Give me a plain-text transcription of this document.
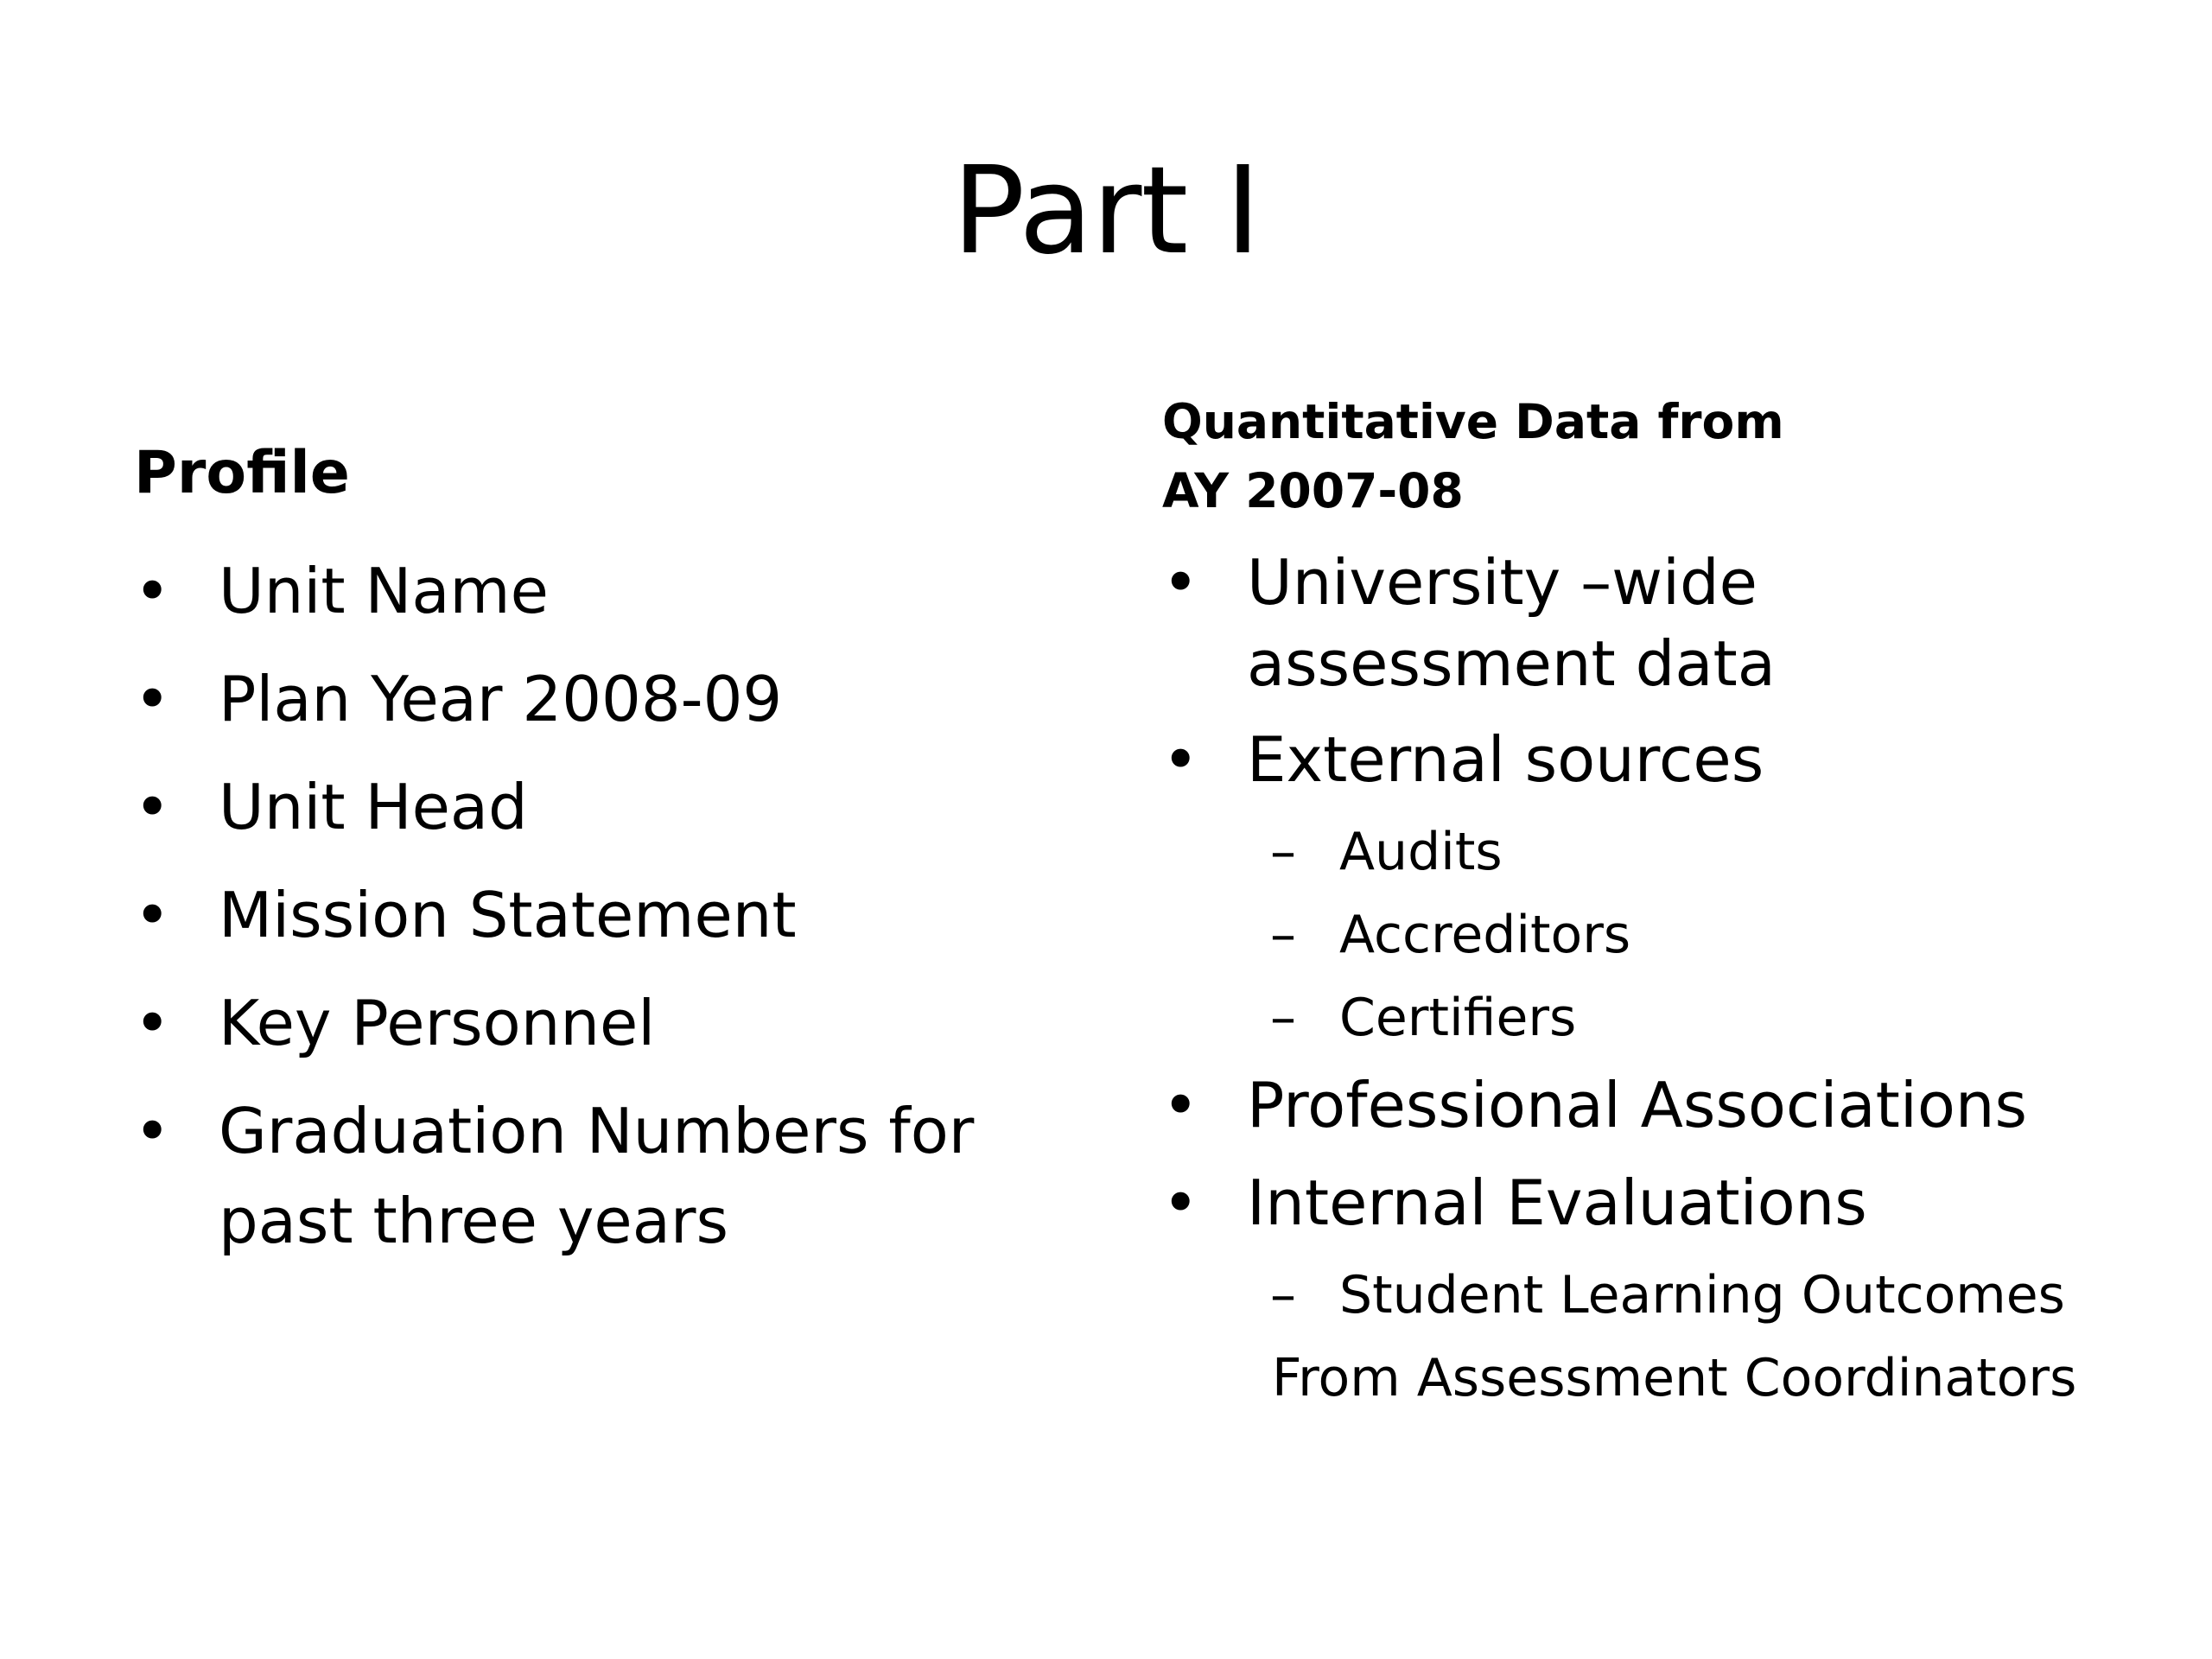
Part I
Profile
• Unit Name
• Plan Year 2008-09
• Unit Head
• Mission Statement
• Key Personnel
• Graduation Numbers for
past three years
Quantitative Data from
AY 2007-08
• University –wide
assessment data
• External sources
– Audits
– Accreditors
– Certifiers
• Professional Associations
• Internal Evaluations
– Student Learning Outcomes
From Assessment Coordinators
